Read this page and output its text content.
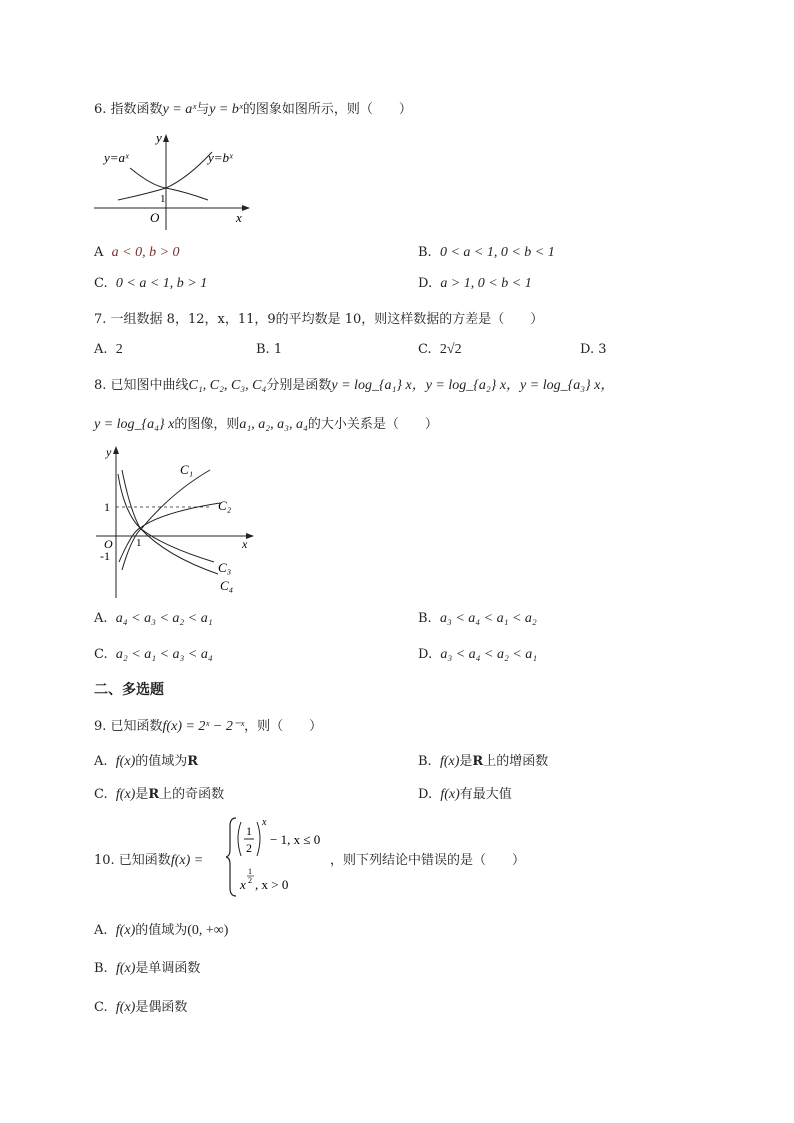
6. 指数函数y = aˣ与y = bˣ的图象如图所示，则（　　）
y=aˣ	y=bˣ
y
x
O
1
A a < 0, b > 0	B. 0 < a < 1, 0 < b < 1
C. 0 < a < 1, b > 1	D. a > 1, 0 < b < 1
7. 一组数据 8，12，x，11，9的平均数是 10，则这样数据的方差是（　　）
A. 2	B. 1	C. 2√2	D. 3
8. 已知图中曲线C₁, C₂, C₃, C₄分别是函数y = log_{a₁} x，y = log_{a₂} x，y = log_{a₃} x，
y = log_{a₄} x的图像，则a₁, a₂, a₃, a₄的大小关系是（　　）
C₁
C₂
C₃
C₄
y
x
O
1
-1
1
A. a₄ < a₃ < a₂ < a₁	B. a₃ < a₄ < a₁ < a₂
C. a₂ < a₁ < a₃ < a₄	D. a₃ < a₄ < a₂ < a₁
二、多选题
9. 已知函数f(x) = 2ˣ − 2⁻ˣ，则（　　）
A. f(x)的值域为R	B. f(x)是R上的增函数
C. f(x)是R上的奇函数	D. f(x)有最大值
10. 已知函数f(x) =
1
2
x
− 1, x ≤ 0
x
1
2 , x > 0
，则下列结论中错误的是（　　）
A. f(x)的值域为(0, +∞)
B. f(x)是单调函数
C. f(x)是偶函数
